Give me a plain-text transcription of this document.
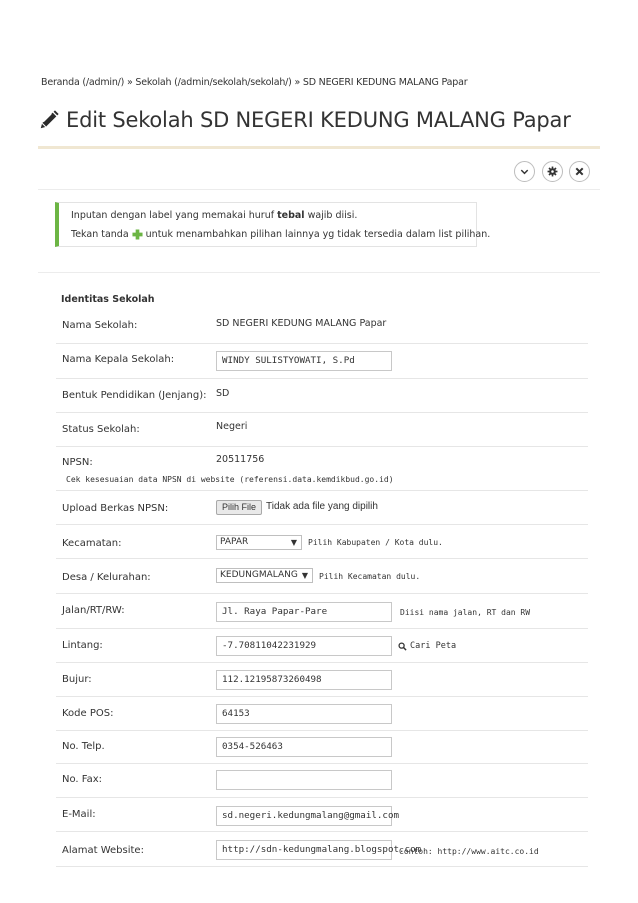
Beranda (/admin/) » Sekolah (/admin/sekolah/sekolah/) » SD NEGERI KEDUNG MALANG Papar
Edit Sekolah SD NEGERI KEDUNG MALANG Papar
Inputan dengan label yang memakai huruf tebal wajib diisi.
Tekan tanda untuk menambahkan pilihan lainnya yg tidak tersedia dalam list pilihan.
Identitas Sekolah
Nama Sekolah:	SD NEGERI KEDUNG MALANG Papar
Nama Kepala Sekolah:	WINDY SULISTYOWATI, S.Pd
Bentuk Pendidikan (Jenjang): SD
Status Sekolah:	Negeri
NPSN:	20511756
Cek kesesuaian data NPSN di website (referensi.data.kemdikbud.go.id)
Upload Berkas NPSN:	Pilih File Tidak ada file yang dipilih
Kecamatan:	PAPAR	▼ Pilih Kabupaten / Kota dulu.
Desa / Kelurahan:	KEDUNGMALANG ▼ Pilih Kecamatan dulu.
Jalan/RT/RW:	Jl. Raya Papar-Pare	Diisi nama jalan, RT dan RW
Lintang:	-7.70811042231929	Cari Peta
Bujur:	112.12195873260498
Kode POS:	64153
No. Telp.	0354-526463
No. Fax:
E-Mail:	sd.negeri.kedungmalang@gmail.com
Alamat Website:	http://sdn-kedungmalang.blogspot.com
Contoh: http://www.aitc.co.id
